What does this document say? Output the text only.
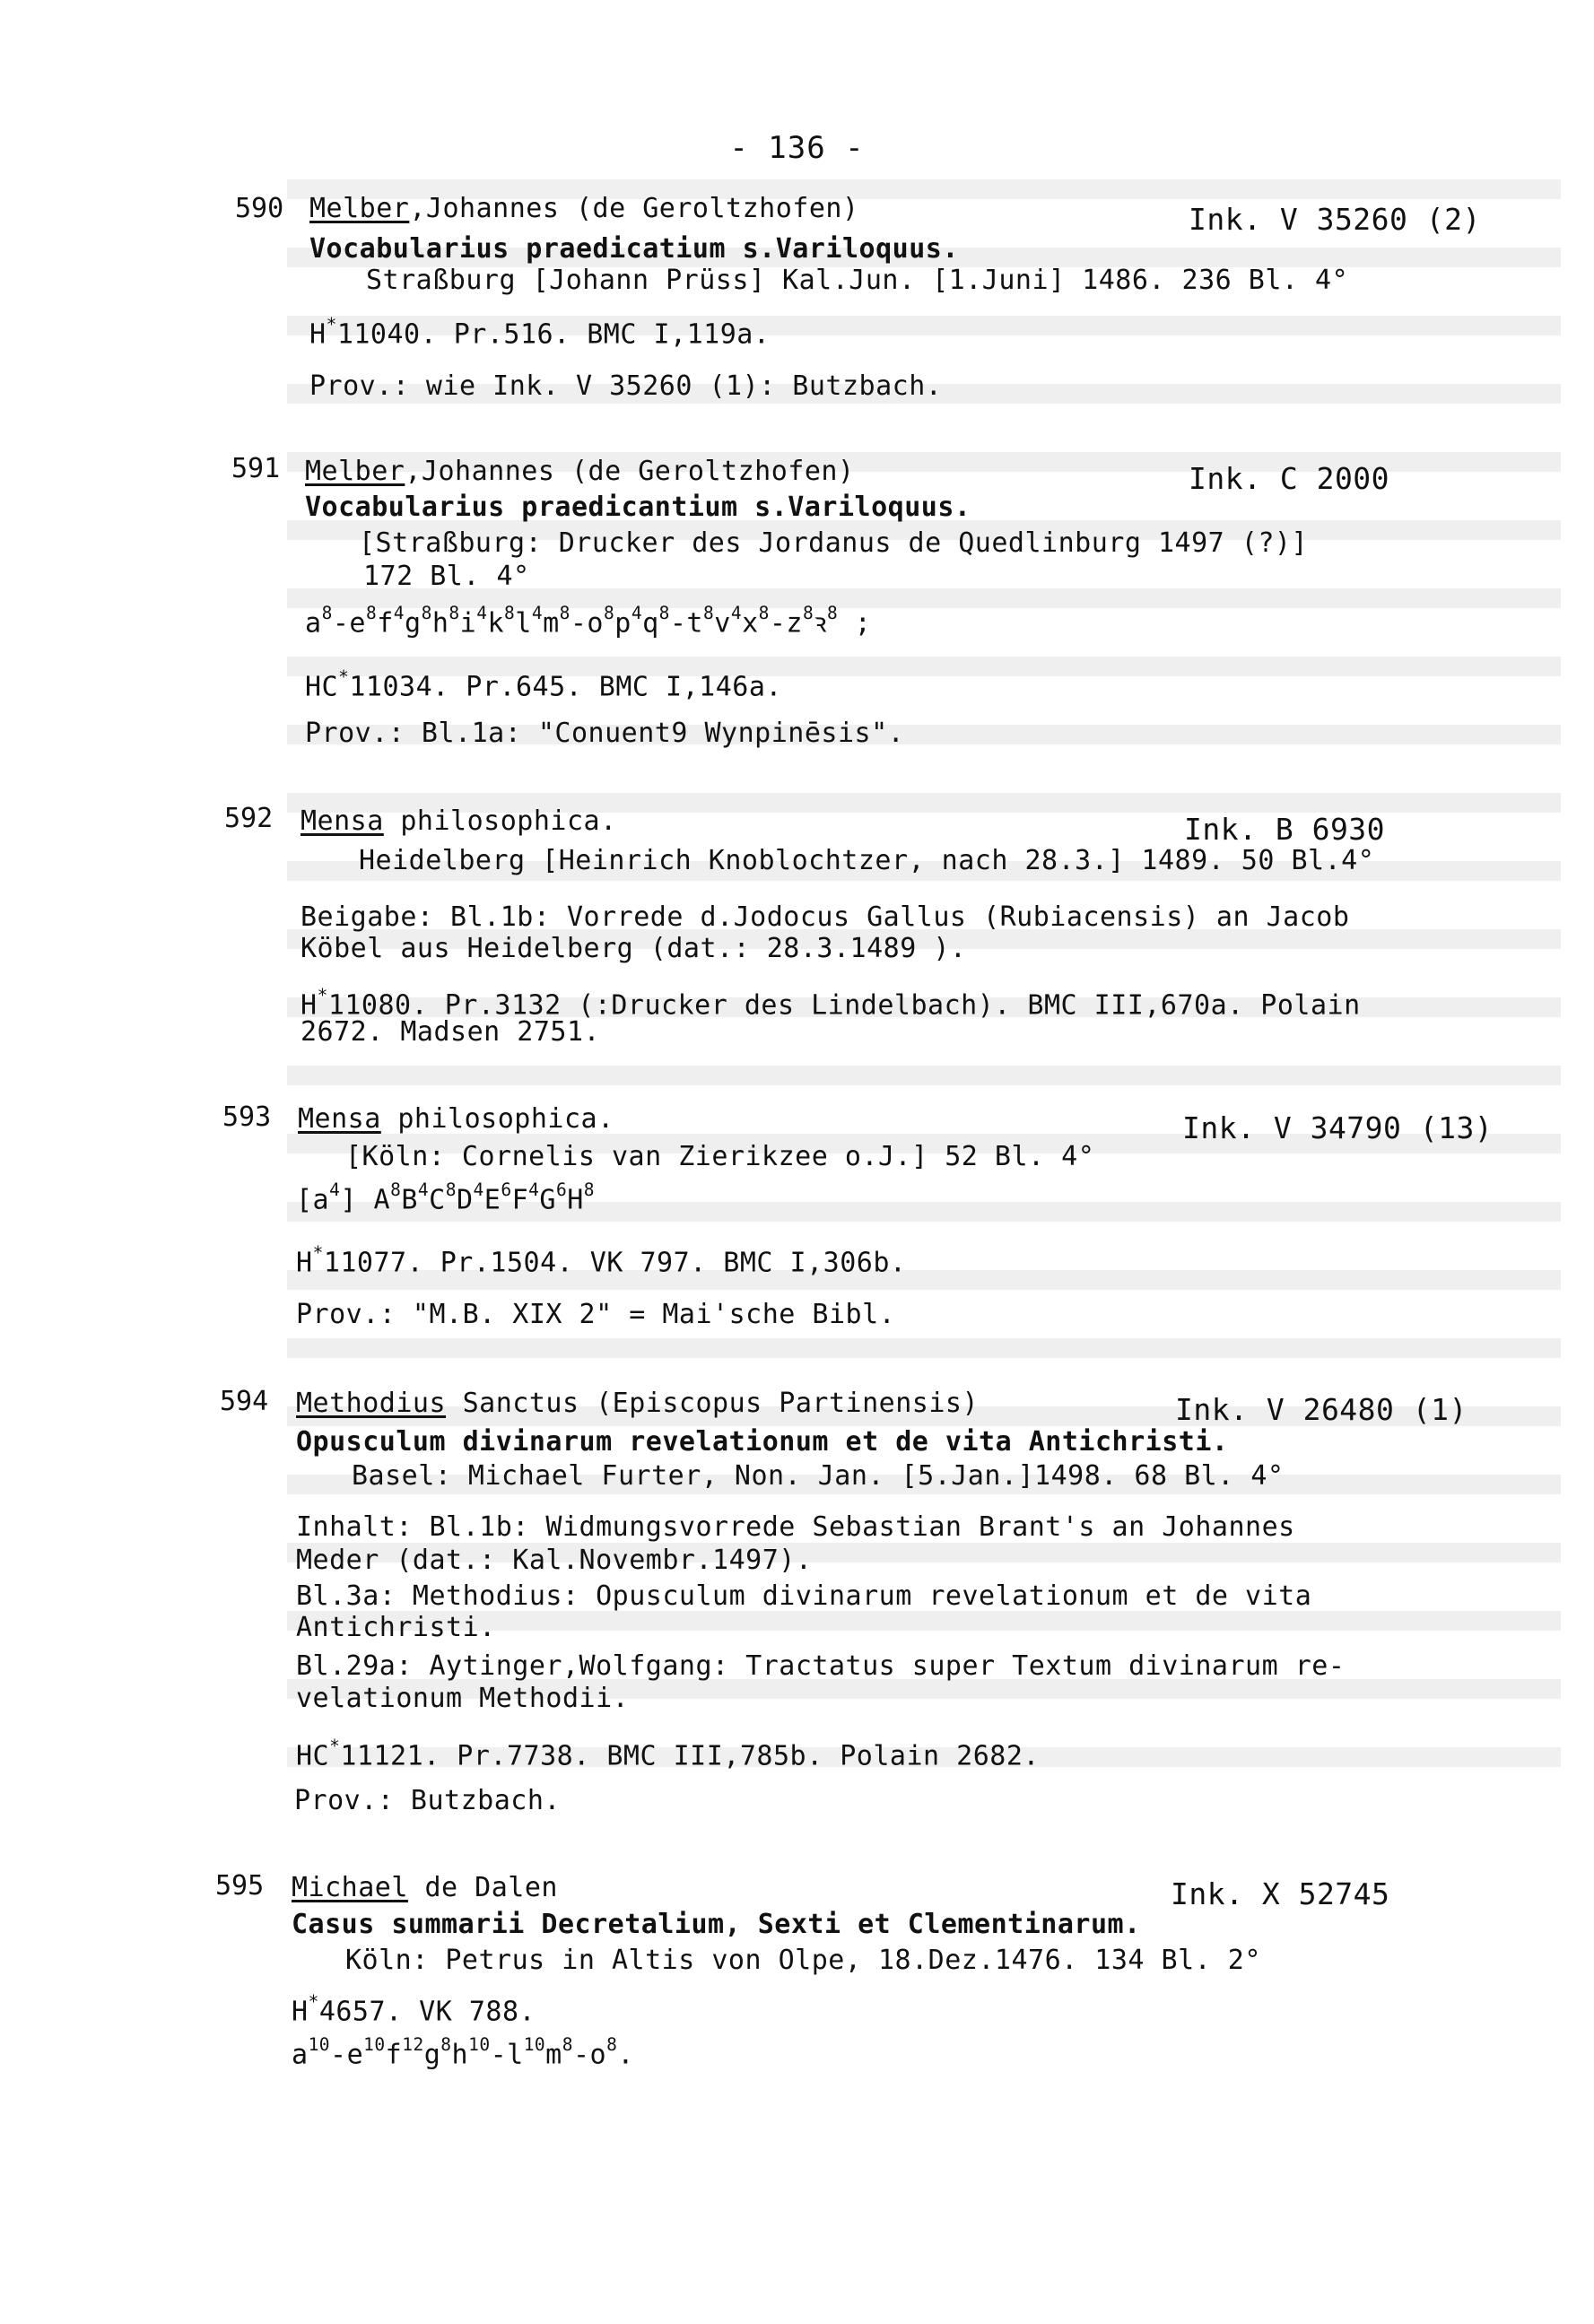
- 136 -
590 Melber,Johannes (de Geroltzhofen)	Ink. V 35260 (2)
Vocabularius praedicatium s.Variloquus.
Straßburg [Johann Prüss] Kal.Jun. [1.Juni] 1486. 236 Bl. 4°
H*11040. Pr.516. BMC I,119a.
Prov.: wie Ink. V 35260 (1): Butzbach.
591 Melber,Johannes (de Geroltzhofen)	Ink. C 2000
Vocabularius praedicantium s.Variloquus.
[Straßburg: Drucker des Jordanus de Quedlinburg 1497 (?)]
172 Bl. 4°
$a^8-e^8f^4g^8h^8i^4k^8l^4m^8-o^8p^4q^8-t^8v^4x^8-z^8ꝛ^8$ ;
HC*11034. Pr.645. BMC I,146a.
Prov.: Bl.1a: "Conuent9 Wynpinēsis".
592 Mensa philosophica.	Ink. B 6930
Heidelberg [Heinrich Knoblochtzer, nach 28.3.] 1489. 50 Bl.4°
Beigabe: Bl.1b: Vorrede d.Jodocus Gallus (Rubiacensis) an Jacob
Köbel aus Heidelberg (dat.: 28.3.1489 ).
H*11080. Pr.3132 (:Drucker des Lindelbach). BMC III,670a. Polain
2672. Madsen 2751.
593 Mensa philosophica.	Ink. V 34790 (13)
[Köln: Cornelis van Zierikzee o.J.] 52 Bl. 4°
$[a^4]$ $A^8B^4C^8D^4E^6F^4G^6H^8$
H*11077. Pr.1504. VK 797. BMC I,306b.
Prov.: "M.B. XIX 2" = Mai'sche Bibl.
594 Methodius Sanctus (Episcopus Partinensis)	Ink. V 26480 (1)
Opusculum divinarum revelationum et de vita Antichristi.
Basel: Michael Furter, Non. Jan. [5.Jan.]1498. 68 Bl. 4°
Inhalt: Bl.1b: Widmungsvorrede Sebastian Brant's an Johannes
Meder (dat.: Kal.Novembr.1497).
Bl.3a: Methodius: Opusculum divinarum revelationum et de vita
Antichristi.
Bl.29a: Aytinger,Wolfgang: Tractatus super Textum divinarum re-
velationum Methodii.
HC*11121. Pr.7738. BMC III,785b. Polain 2682.
Prov.: Butzbach.
595 Michael de Dalen	Ink. X 52745
Casus summarii Decretalium, Sexti et Clementinarum.
Köln: Petrus in Altis von Olpe, 18.Dez.1476. 134 Bl. 2°
H*4657. VK 788.
$a^{10}-e^{10}f^{12}g^8h^{10}-l^{10}m^8-o^8$.
